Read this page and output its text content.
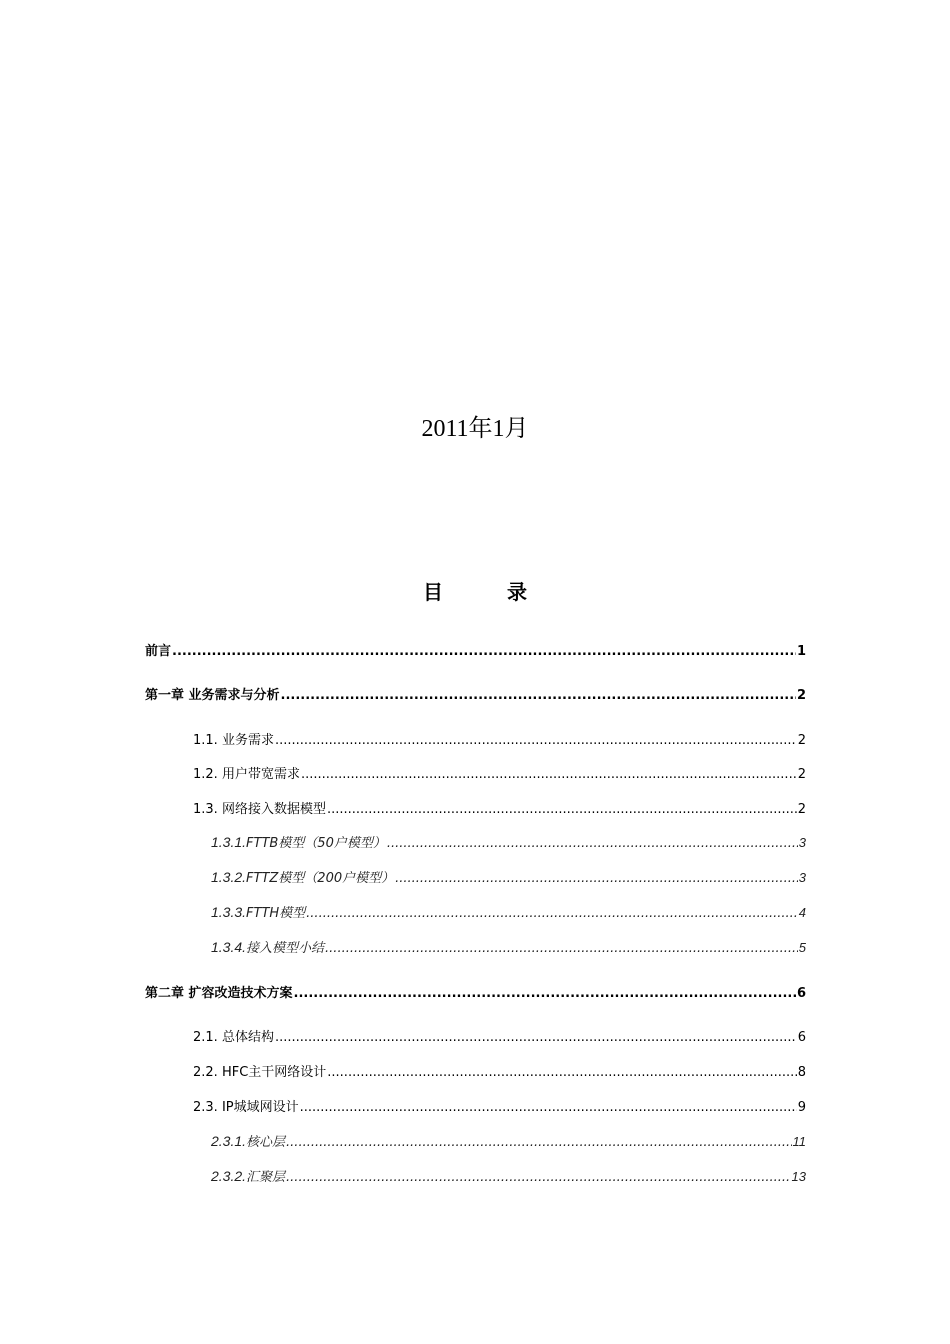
2011年1月
目　录
前言 .....	1
第一章 业务需求与分析 .....	2
1.1. 业务需求 .....	2
1.2. 用户带宽需求 .....	2
1.3. 网络接入数据模型 .....	2
1.3.1. FTTB模型（50户模型） .....	3
1.3.2. FTTZ模型（200户模型） .....	3
1.3.3. FTTH模型 .....	4
1.3.4. 接入模型小结 .....	5
第二章 扩容改造技术方案 .....	6
2.1. 总体结构 .....	6
2.2. HFC主干网络设计 .....	8
2.3. IP城域网设计 .....	9
2.3.1. 核心层 .....	11
2.3.2. 汇聚层 .....	13
